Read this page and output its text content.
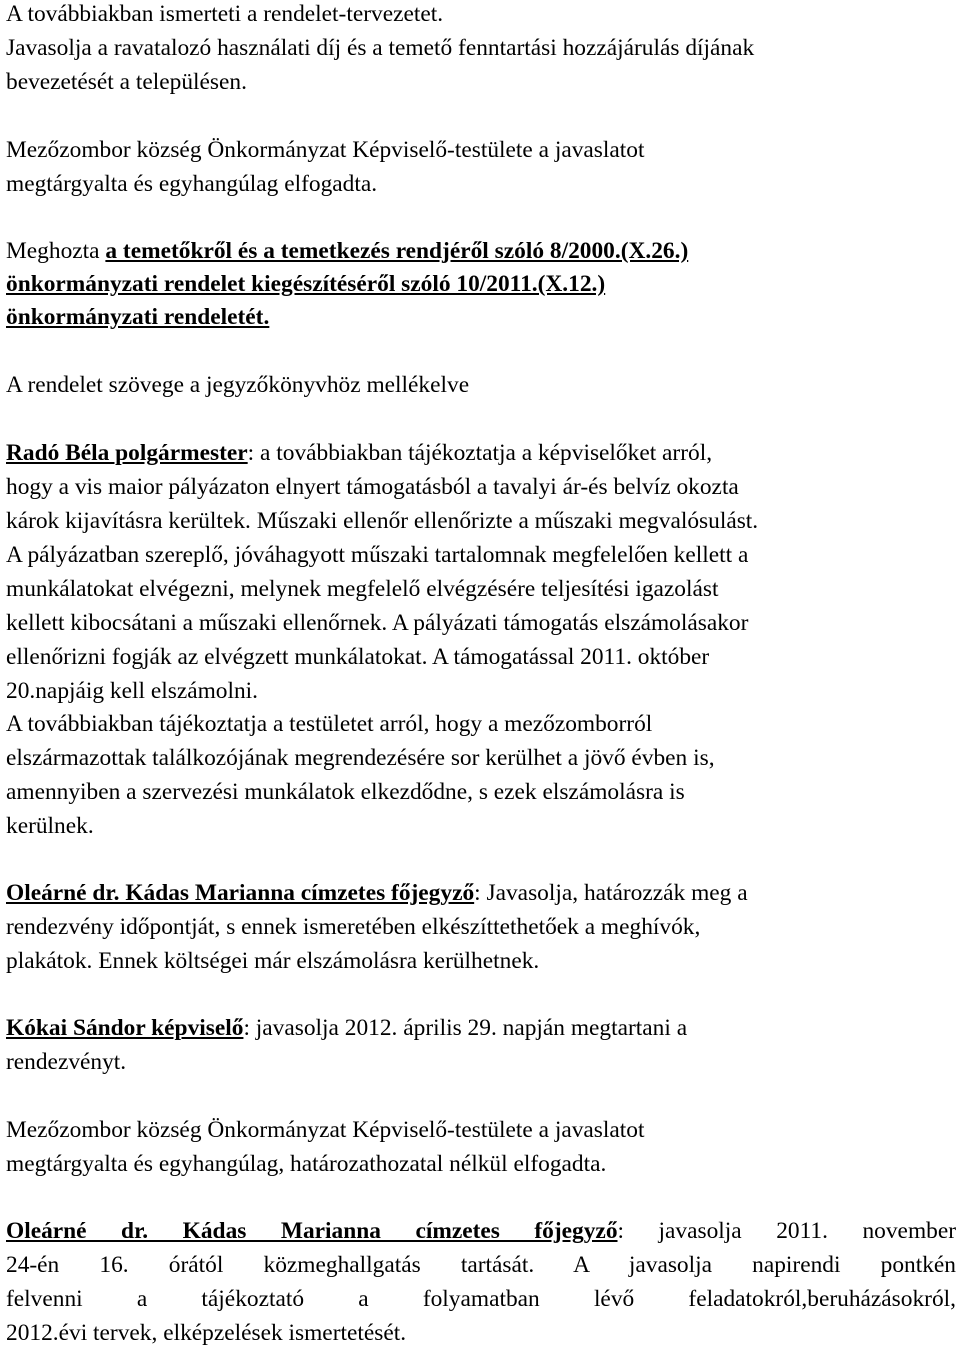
A továbbiakban ismerteti a rendelet-tervezetet.
Javasolja a ravatalozó használati díj és a temető fenntartási hozzájárulás díjának
bevezetését a településen.
Mezőzombor község Önkormányzat Képviselő-testülete a javaslatot
megtárgyalta és egyhangúlag elfogadta.
Meghozta a temetőkről és a temetkezés rendjéről szóló 8/2000.(X.26.)
önkormányzati rendelet kiegészítéséről szóló 10/2011.(X.12.)
önkormányzati rendeletét.
A rendelet szövege a jegyzőkönyvhöz mellékelve
Radó Béla polgármester: a továbbiakban tájékoztatja a képviselőket arról,
hogy a vis maior pályázaton elnyert támogatásból a tavalyi ár-és belvíz okozta
károk kijavításra kerültek. Műszaki ellenőr ellenőrizte a műszaki megvalósulást.
A pályázatban szereplő, jóváhagyott műszaki tartalomnak megfelelően kellett a
munkálatokat elvégezni, melynek megfelelő elvégzésére teljesítési igazolást
kellett kibocsátani a műszaki ellenőrnek. A pályázati támogatás elszámolásakor
ellenőrizni fogják az elvégzett munkálatokat. A támogatással 2011. október
20.napjáig kell elszámolni.
A továbbiakban tájékoztatja a testületet arról, hogy a mezőzomborról
elszármazottak találkozójának megrendezésére sor kerülhet a jövő évben is,
amennyiben a szervezési munkálatok elkezdődne, s ezek elszámolásra is
kerülnek.
Oleárné dr. Kádas Marianna címzetes főjegyző: Javasolja, határozzák meg a
rendezvény időpontját, s ennek ismeretében elkészíttethetőek a meghívók,
plakátok. Ennek költségei már elszámolásra kerülhetnek.
Kókai Sándor képviselő: javasolja 2012. április 29. napján megtartani a
rendezvényt.
Mezőzombor község Önkormányzat Képviselő-testülete a javaslatot
megtárgyalta és egyhangúlag, határozathozatal nélkül elfogadta.
Oleárné dr. Kádas Marianna címzetes főjegyző: javasolja 2011. november
24-én 16. órától közmeghallgatás tartását. A javasolja napirendi pontkén
felvenni a tájékoztató a folyamatban lévő feladatokról,beruházásokról,
2012.évi tervek, elképzelések ismertetését.
